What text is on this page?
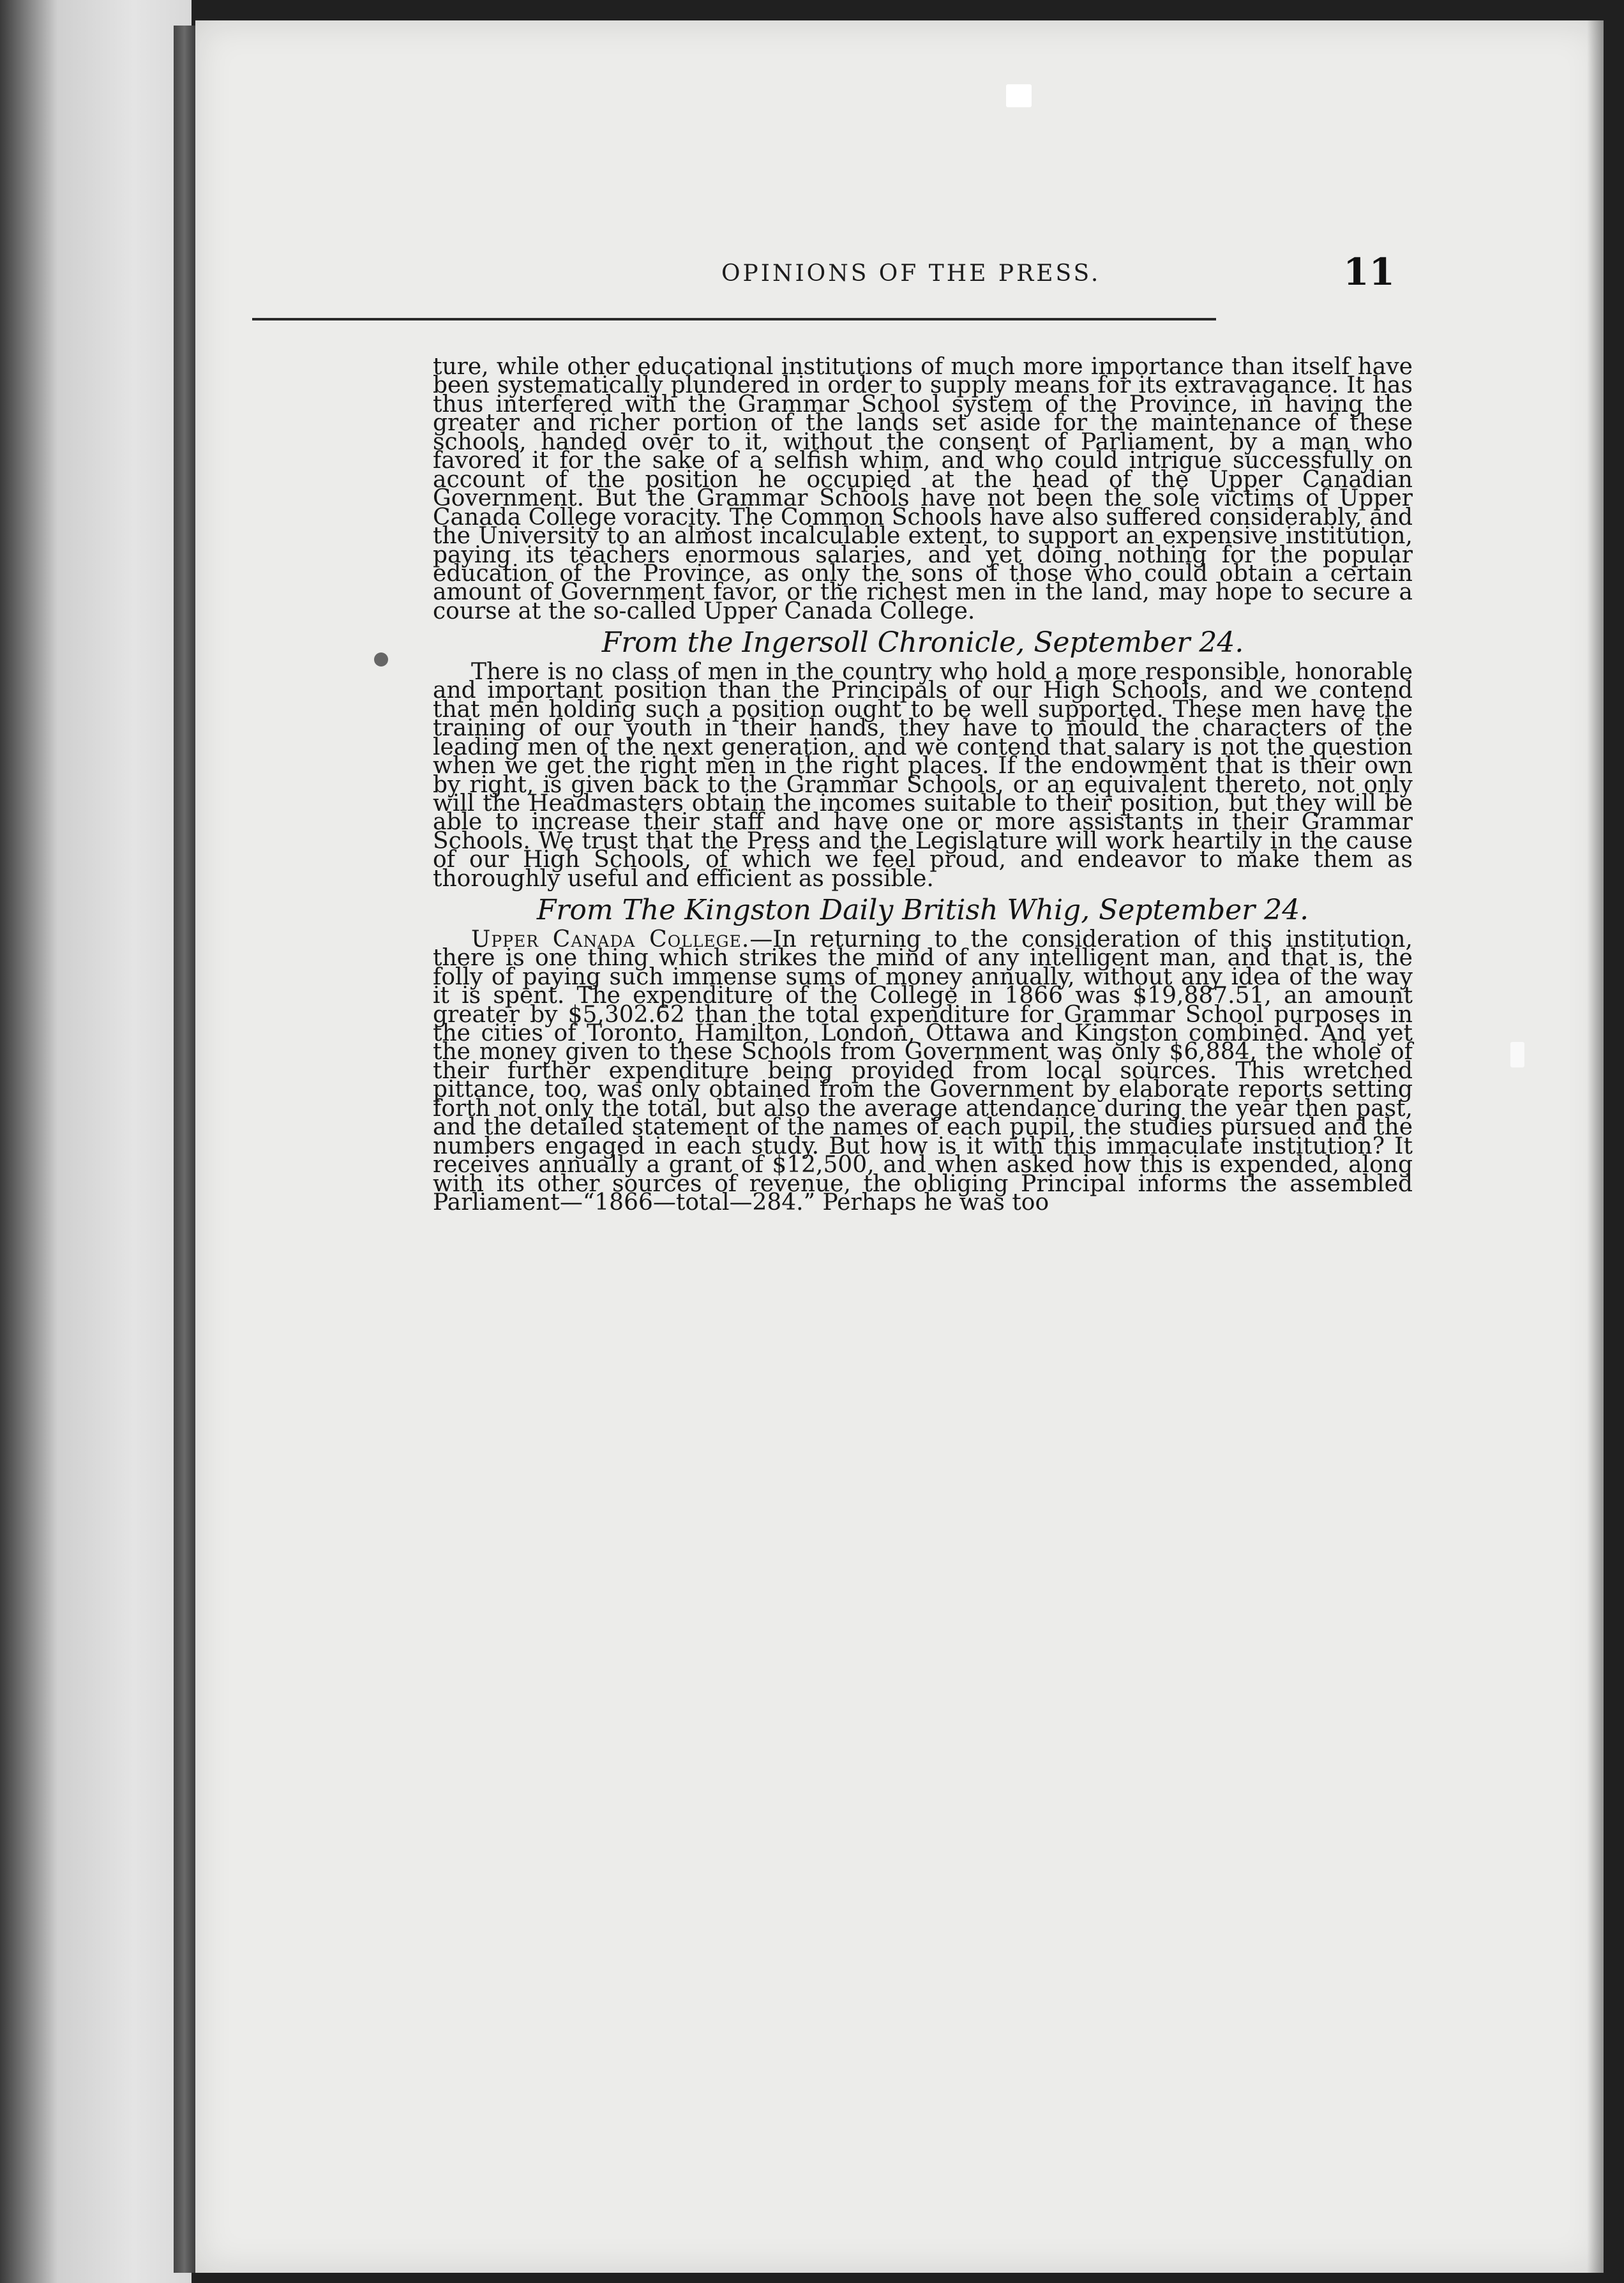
OPINIONS OF THE PRESS.	11

ture, while other educational institutions of much more importance than itself have been systematically plundered in order to supply means for its extravagance. It has thus interfered with the Grammar School system of the Province, in having the greater and richer portion of the lands set aside for the maintenance of these schools, handed over to it, without the consent of Parliament, by a man who favored it for the sake of a selfish whim, and who could intrigue successfully on account of the position he occupied at the head of the Upper Canadian Government. But the Grammar Schools have not been the sole victims of Upper Canada College voracity. The Common Schools have also suffered considerably, and the University to an almost incalculable extent, to support an expensive institution, paying its teachers enormous salaries, and yet doing nothing for the popular education of the Province, as only the sons of those who could obtain a certain amount of Government favor, or the richest men in the land, may hope to secure a course at the so-called Upper Canada College.

From the Ingersoll Chronicle, September 24.

There is no class of men in the country who hold a more responsible, honorable and important position than the Principals of our High Schools, and we contend that men holding such a position ought to be well supported. These men have the training of our youth in their hands, they have to mould the characters of the leading men of the next generation, and we contend that salary is not the question when we get the right men in the right places. If the endowment that is their own by right, is given back to the Grammar Schools, or an equivalent thereto, not only will the Headmasters obtain the incomes suitable to their position, but they will be able to increase their staff and have one or more assistants in their Grammar Schools. We trust that the Press and the Legislature will work heartily in the cause of our High Schools, of which we feel proud, and endeavor to make them as thoroughly useful and efficient as possible.

From The Kingston Daily British Whig, September 24.

Upper Canada College.—In returning to the consideration of this institution, there is one thing which strikes the mind of any intelligent man, and that is, the folly of paying such immense sums of money annually, without any idea of the way it is spent. The expenditure of the College in 1866 was $19,887.51, an amount greater by $5,302.62 than the total expenditure for Grammar School purposes in the cities of Toronto, Hamilton, London, Ottawa and Kingston combined. And yet the money given to these Schools from Government was only $6,884, the whole of their further expenditure being provided from local sources. This wretched pittance, too, was only obtained from the Government by elaborate reports setting forth not only the total, but also the average attendance during the year then past, and the detailed statement of the names of each pupil, the studies pursued and the numbers engaged in each study. But how is it with this immaculate institution? It receives annually a grant of $12,500, and when asked how this is expended, along with its other sources of revenue, the obliging Principal informs the assembled Parliament—“1866—total—284.” Perhaps he was too
